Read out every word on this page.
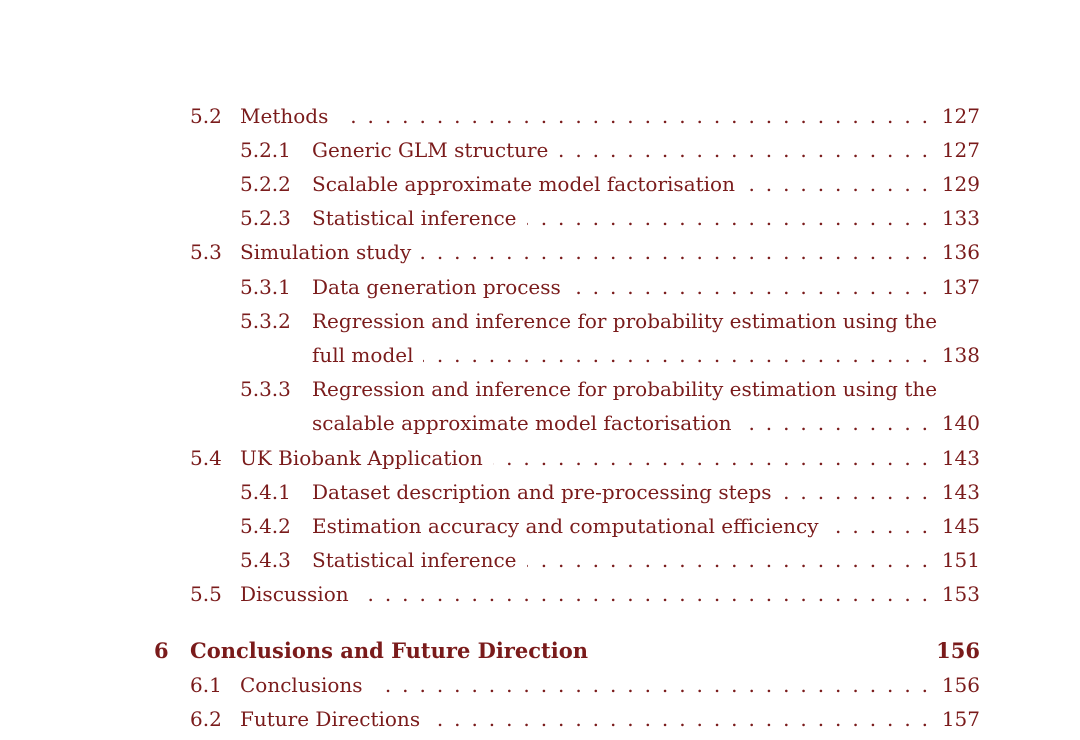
5.2 Methods	127
. . .
5.2.1 Generic GLM structure	127
. . .
5.2.2 Scalable approximate model factorisation	129
. . .
5.2.3 Statistical inference	133
. . .
5.3 Simulation study	136
. . .
5.3.1 Data generation process	137
. . .
5.3.2 Regression and inference for probability estimation using the
full model	138
. . .
5.3.3 Regression and inference for probability estimation using the
scalable approximate model factorisation	140
. . .
5.4 UK Biobank Application	143
. . .
5.4.1 Dataset description and pre-processing steps	143
. . .
5.4.2 Estimation accuracy and computational efficiency	145
. . .
5.4.3 Statistical inference	151
. . .
5.5 Discussion	153
. . .
6 Conclusions and Future Direction	156
6.1 Conclusions	156
. . .
6.2 Future Directions	157
. . .
